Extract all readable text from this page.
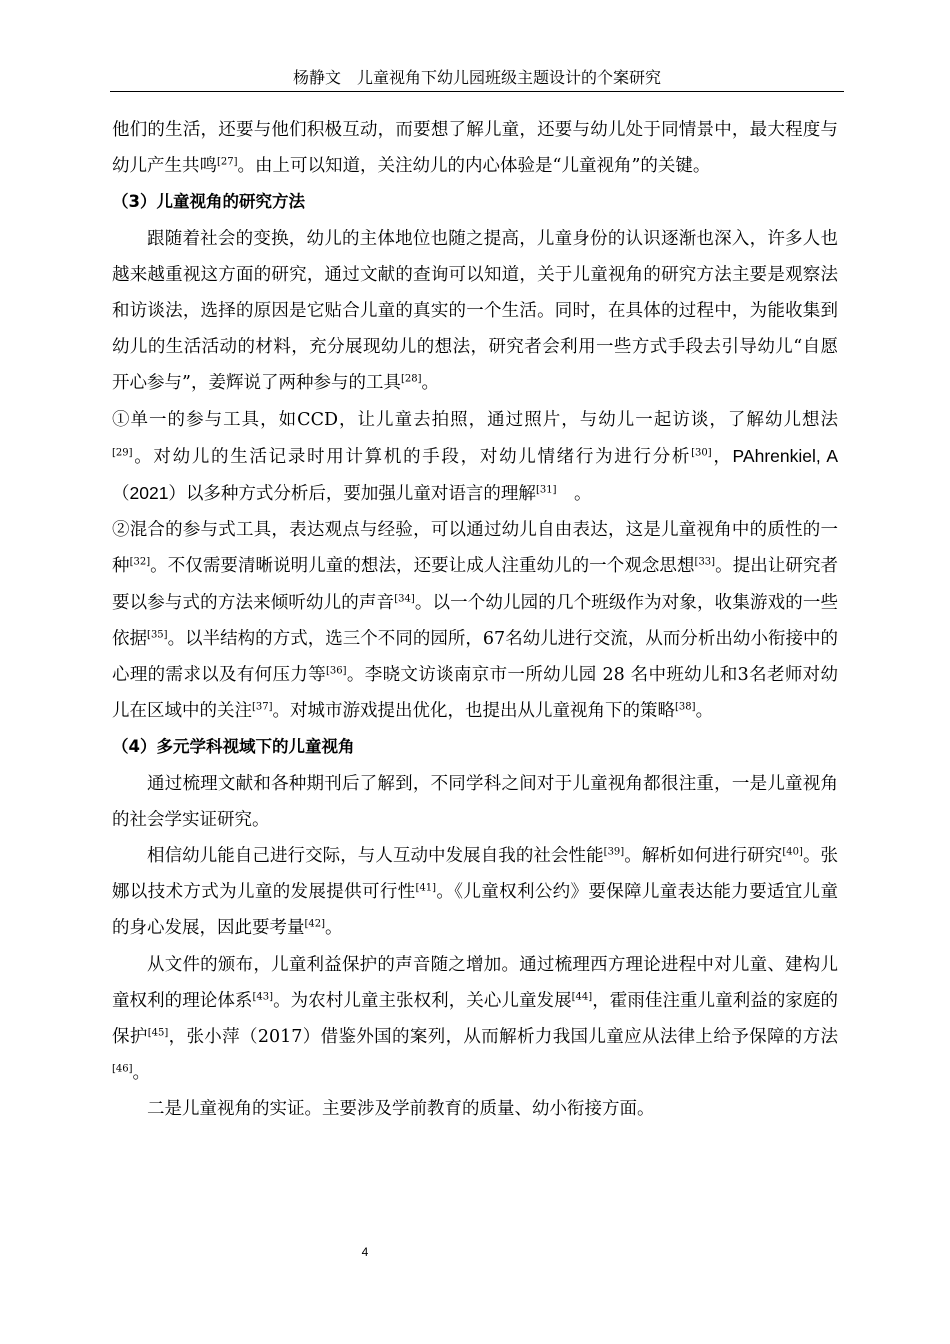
杨静文　儿童视角下幼儿园班级主题设计的个案研究

他们的生活，还要与他们积极互动，而要想了解儿童，还要与幼儿处于同情景中，最大程度与幼儿产生共鸣[27]。由上可以知道，关注幼儿的内心体验是“儿童视角”的关键。

（3）儿童视角的研究方法

跟随着社会的变换，幼儿的主体地位也随之提高，儿童身份的认识逐渐也深入，许多人也越来越重视这方面的研究，通过文献的查询可以知道，关于儿童视角的研究方法主要是观察法和访谈法，选择的原因是它贴合儿童的真实的一个生活。同时，在具体的过程中，为能收集到幼儿的生活活动的材料，充分展现幼儿的想法，研究者会利用一些方式手段去引导幼儿“自愿开心参与”，姜辉说了两种参与的工具[28]。

①单一的参与工具，如CCD，让儿童去拍照，通过照片，与幼儿一起访谈，了解幼儿想法[29]。对幼儿的生活记录时用计算机的手段，对幼儿情绪行为进行分析[30]，PAhrenkiel, A（2021）以多种方式分析后，要加强儿童对语言的理解[31]　。

②混合的参与式工具，表达观点与经验，可以通过幼儿自由表达，这是儿童视角中的质性的一种[32]。不仅需要清晰说明儿童的想法，还要让成人注重幼儿的一个观念思想[33]。提出让研究者要以参与式的方法来倾听幼儿的声音[34]。以一个幼儿园的几个班级作为对象，收集游戏的一些依据[35]。以半结构的方式，选三个不同的园所，67名幼儿进行交流，从而分析出幼小衔接中的心理的需求以及有何压力等[36]。李晓文访谈南京市一所幼儿园 28 名中班幼儿和3名老师对幼儿在区域中的关注[37]。对城市游戏提出优化，也提出从儿童视角下的策略[38]。

（4）多元学科视域下的儿童视角

通过梳理文献和各种期刊后了解到，不同学科之间对于儿童视角都很注重，一是儿童视角的社会学实证研究。

相信幼儿能自己进行交际，与人互动中发展自我的社会性能[39]。解析如何进行研究[40]。张娜以技术方式为儿童的发展提供可行性[41]。《儿童权利公约》要保障儿童表达能力要适宜儿童的身心发展，因此要考量[42]。

从文件的颁布，儿童利益保护的声音随之增加。通过梳理西方理论进程中对儿童、建构儿童权利的理论体系[43]。为农村儿童主张权利，关心儿童发展[44]，霍雨佳注重儿童利益的家庭的保护[45]，张小萍（2017）借鉴外国的案列，从而解析力我国儿童应从法律上给予保障的方法[46]。

二是儿童视角的实证。主要涉及学前教育的质量、幼小衔接方面。

4
